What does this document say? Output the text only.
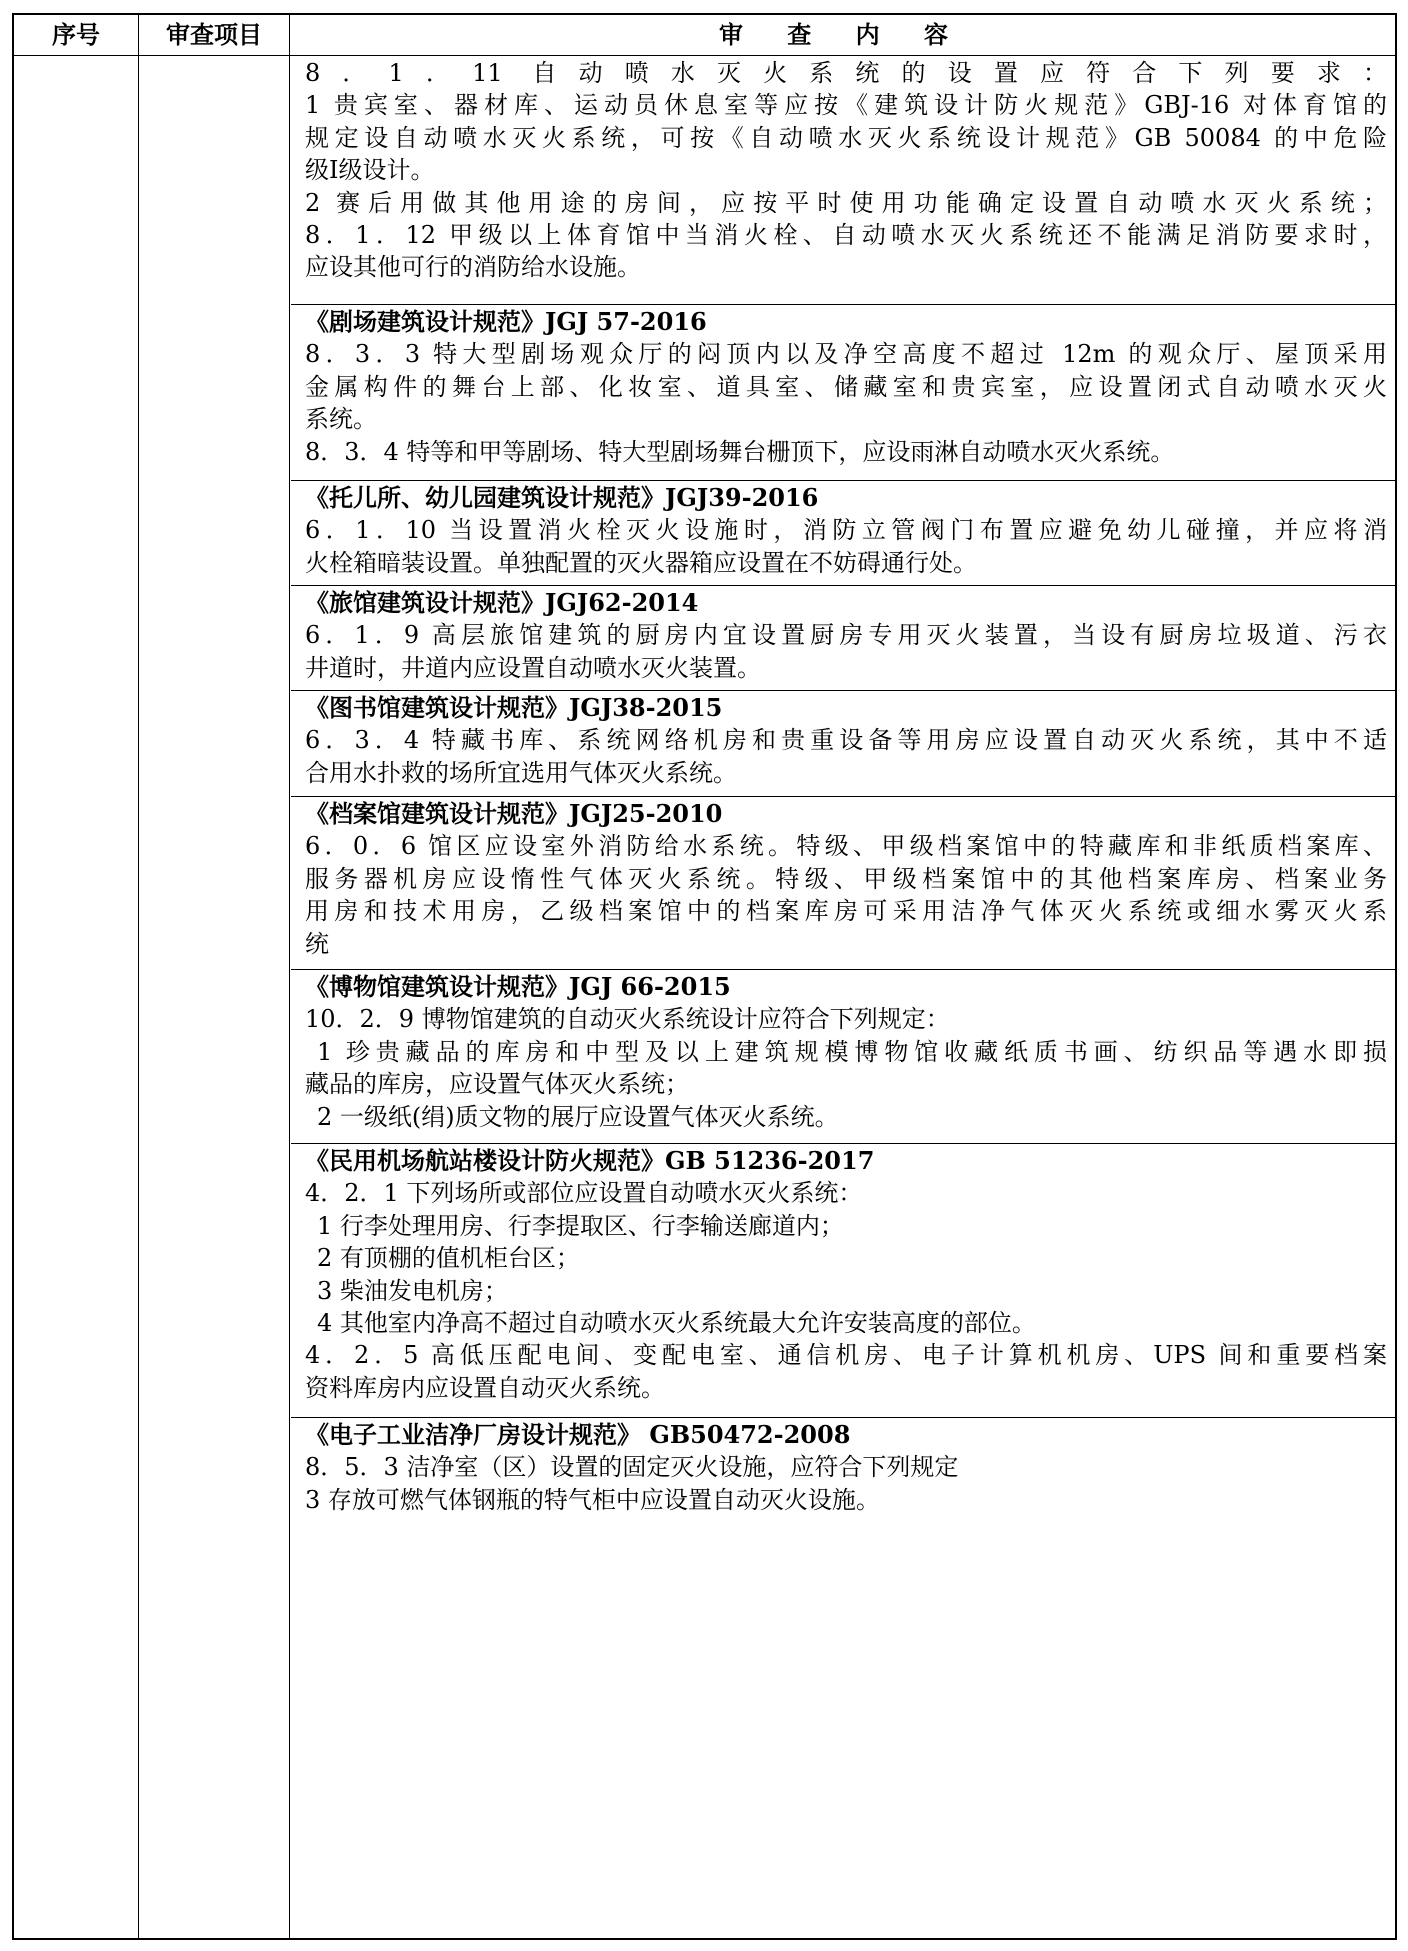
序号	审查项目	审 查 内 容
8．1．11 自动喷水灭火系统的设置应符合下列要求：
1 贵宾室、器材库、运动员休息室等应按《建筑设计防火规范》GBJ-16 对体育馆的
规定设自动喷水灭火系统，可按《自动喷水灭火系统设计规范》GB 50084 的中危险
级Ⅰ级设计。
2 赛后用做其他用途的房间，应按平时使用功能确定设置自动喷水灭火系统；
8．1．12 甲级以上体育馆中当消火栓、自动喷水灭火系统还不能满足消防要求时，
应设其他可行的消防给水设施。
《剧场建筑设计规范》JGJ 57-2016
8．3．3 特大型剧场观众厅的闷顶内以及净空高度不超过 12m 的观众厅、屋顶采用
金属构件的舞台上部、化妆室、道具室、储藏室和贵宾室，应设置闭式自动喷水灭火
系统。
8．3．4 特等和甲等剧场、特大型剧场舞台栅顶下，应设雨淋自动喷水灭火系统。
《托儿所、幼儿园建筑设计规范》JGJ39-2016
6．1．10 当设置消火栓灭火设施时，消防立管阀门布置应避免幼儿碰撞，并应将消
火栓箱暗装设置。单独配置的灭火器箱应设置在不妨碍通行处。
《旅馆建筑设计规范》JGJ62-2014
6．1．9 高层旅馆建筑的厨房内宜设置厨房专用灭火装置，当设有厨房垃圾道、污衣
井道时，井道内应设置自动喷水灭火装置。
《图书馆建筑设计规范》JGJ38-2015
6．3．4 特藏书库、系统网络机房和贵重设备等用房应设置自动灭火系统，其中不适
合用水扑救的场所宜选用气体灭火系统。
《档案馆建筑设计规范》JGJ25-2010
6．0．6 馆区应设室外消防给水系统。特级、甲级档案馆中的特藏库和非纸质档案库、
服务器机房应设惰性气体灭火系统。特级、甲级档案馆中的其他档案库房、档案业务
用房和技术用房，乙级档案馆中的档案库房可采用洁净气体灭火系统或细水雾灭火系
统
《博物馆建筑设计规范》JGJ 66-2015
10．2．9 博物馆建筑的自动灭火系统设计应符合下列规定：
1 珍贵藏品的库房和中型及以上建筑规模博物馆收藏纸质书画、纺织品等遇水即损
藏品的库房，应设置气体灭火系统；
2 一级纸(绢)质文物的展厅应设置气体灭火系统。
《民用机场航站楼设计防火规范》GB 51236-2017
4．2．1 下列场所或部位应设置自动喷水灭火系统：
1 行李处理用房、行李提取区、行李输送廊道内；
2 有顶棚的值机柜台区；
3 柴油发电机房；
4 其他室内净高不超过自动喷水灭火系统最大允许安装高度的部位。
4．2．5 高低压配电间、变配电室、通信机房、电子计算机机房、UPS 间和重要档案
资料库房内应设置自动灭火系统。
《电子工业洁净厂房设计规范》 GB50472-2008
8．5．3 洁净室（区）设置的固定灭火设施，应符合下列规定
3 存放可燃气体钢瓶的特气柜中应设置自动灭火设施。
